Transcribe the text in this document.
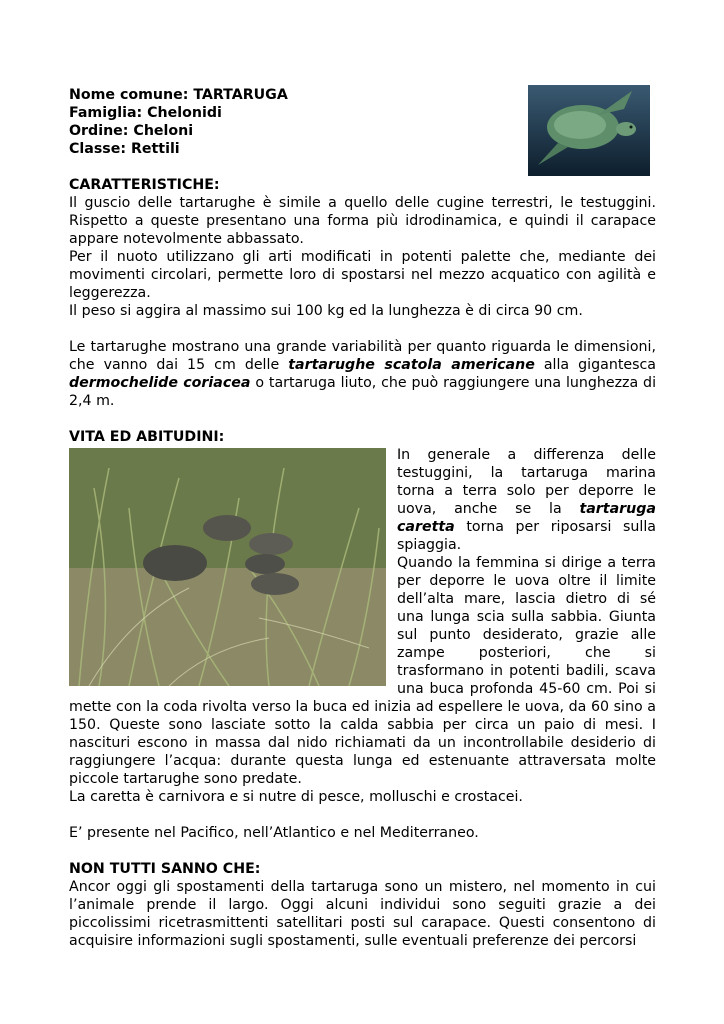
Nome comune: TARTARUGA

Famiglia: Chelonidi

Ordine: Cheloni

Classe: Rettili

CARATTERISTICHE:

Il guscio delle tartarughe è simile a quello delle cugine terrestri, le testuggini. Rispetto a queste presentano una forma più idrodinamica, e quindi il carapace appare notevolmente abbassato.

Per il nuoto utilizzano gli arti modificati in potenti palette che, mediante dei movimenti circolari, permette loro di spostarsi nel mezzo acquatico con agilità e leggerezza.

Il peso si aggira al massimo sui 100 kg ed la lunghezza è di circa 90 cm.

Le tartarughe mostrano una grande variabilità per quanto riguarda le dimensioni, che vanno dai 15 cm delle tartarughe scatola americane alla gigantesca dermochelide coriacea o tartaruga liuto, che può raggiungere una lunghezza di 2,4 m.

VITA ED ABITUDINI:

In generale a differenza delle testuggini, la tartaruga marina torna a terra solo per deporre le uova, anche se la tartaruga caretta torna per riposarsi sulla spiaggia.

Quando la femmina si dirige a terra per deporre le uova oltre il limite dell’alta mare, lascia dietro di sé una lunga scia sulla sabbia. Giunta sul punto desiderato, grazie alle zampe posteriori, che si trasformano in potenti badili, scava una buca profonda 45-60 cm. Poi si mette con la coda rivolta verso la buca ed inizia ad espellere le uova, da 60 sino a 150. Queste sono lasciate sotto la calda sabbia per circa un paio di mesi. I nascituri escono in massa dal nido richiamati da un incontrollabile desiderio di raggiungere l’acqua: durante questa lunga ed estenuante attraversata molte piccole tartarughe sono predate.

La caretta è carnivora e si nutre di pesce, molluschi e crostacei.

E’ presente nel Pacifico, nell’Atlantico e nel Mediterraneo.

NON TUTTI SANNO CHE:

Ancor oggi gli spostamenti della tartaruga sono un mistero, nel momento in cui l’animale prende il largo. Oggi alcuni individui sono seguiti grazie a dei piccolissimi ricetrasmittenti satellitari posti sul carapace. Questi consentono di acquisire informazioni sugli spostamenti, sulle eventuali preferenze dei percorsi
